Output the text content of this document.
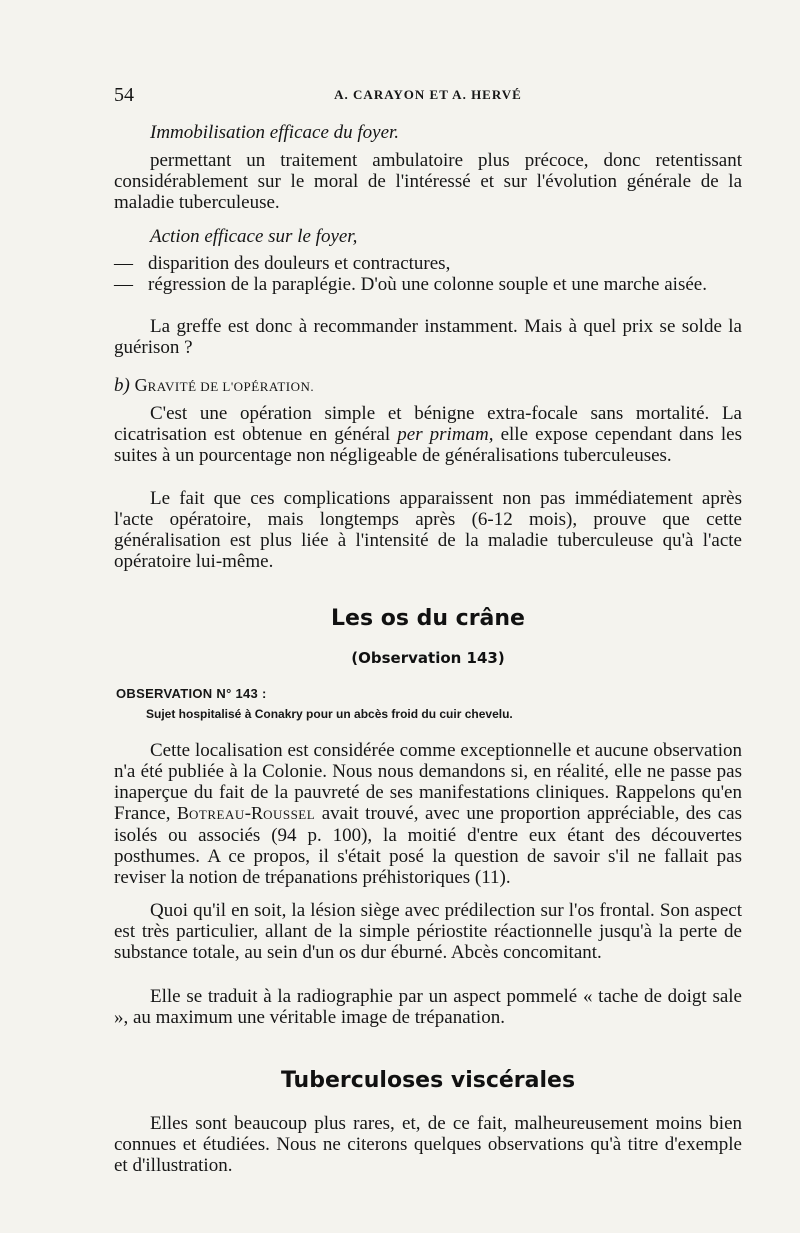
54	A. CARAYON ET A. HERVÉ
Immobilisation efficace du foyer.
permettant un traitement ambulatoire plus précoce, donc retentissant considérablement sur le moral de l'intéressé et sur l'évolution générale de la maladie tuberculeuse.
Action efficace sur le foyer,
— disparition des douleurs et contractures,
— régression de la paraplégie. D'où une colonne souple et une marche aisée.
La greffe est donc à recommander instamment. Mais à quel prix se solde la guérison ?
b) GRAVITÉ DE L'OPÉRATION.
C'est une opération simple et bénigne extra-focale sans mortalité. La cicatrisation est obtenue en général per primam, elle expose cependant dans les suites à un pourcentage non négligeable de généralisations tuberculeuses.
Le fait que ces complications apparaissent non pas immédiatement après l'acte opératoire, mais longtemps après (6-12 mois), prouve que cette généralisation est plus liée à l'intensité de la maladie tuberculeuse qu'à l'acte opératoire lui-même.
Les os du crâne
(Observation 143)
OBSERVATION N° 143 :
Sujet hospitalisé à Conakry pour un abcès froid du cuir chevelu.
Cette localisation est considérée comme exceptionnelle et aucune observation n'a été publiée à la Colonie. Nous nous demandons si, en réalité, elle ne passe pas inaperçue du fait de la pauvreté de ses manifestations cliniques. Rappelons qu'en France, BOTREAU-ROUSSEL avait trouvé, avec une proportion appréciable, des cas isolés ou associés (94 p. 100), la moitié d'entre eux étant des découvertes posthumes. A ce propos, il s'était posé la question de savoir s'il ne fallait pas reviser la notion de trépanations préhistoriques (11).
Quoi qu'il en soit, la lésion siège avec prédilection sur l'os frontal. Son aspect est très particulier, allant de la simple périostite réactionnelle jusqu'à la perte de substance totale, au sein d'un os dur éburné. Abcès concomitant.
Elle se traduit à la radiographie par un aspect pommelé « tache de doigt sale », au maximum une véritable image de trépanation.
Tuberculoses viscérales
Elles sont beaucoup plus rares, et, de ce fait, malheureusement moins bien connues et étudiées. Nous ne citerons quelques observations qu'à titre d'exemple et d'illustration.
